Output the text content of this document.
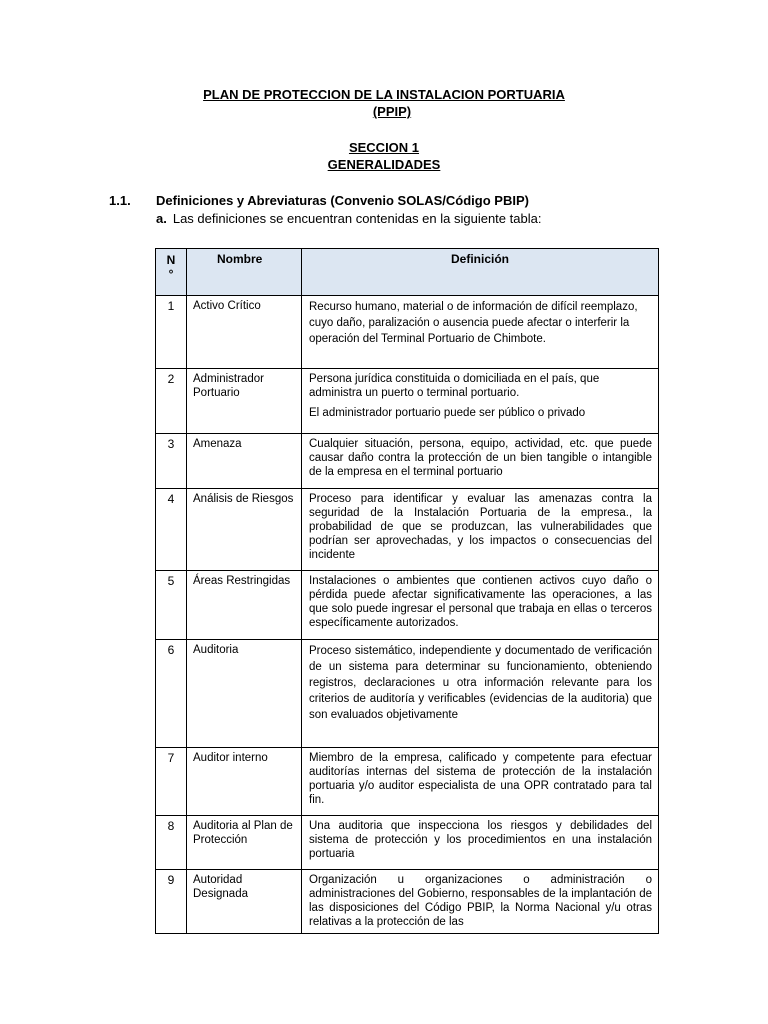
PLAN DE PROTECCION DE LA INSTALACION PORTUARIA
(PPIP)
SECCION 1
GENERALIDADES
1.1. Definiciones y Abreviaturas (Convenio SOLAS/Código PBIP)
a. Las definiciones se encuentran contenidas en la siguiente tabla:
N
°	Nombre	Definición
1	Activo Crítico	Recurso humano, material o de información de difícil reemplazo, cuyo daño, paralización o ausencia puede afectar o interferir la operación del Terminal Portuario de Chimbote.

2	Administrador Portuario	Persona jurídica constituida o domiciliada en el país, que administra un puerto o terminal portuario.

El administrador portuario puede ser público o privado

3	Amenaza	Cualquier situación, persona, equipo, actividad, etc. que puede causar daño contra la protección de un bien tangible o intangible de la empresa en el terminal portuario

4	Análisis de Riesgos	Proceso para identificar y evaluar las amenazas contra la seguridad de la Instalación Portuaria de la empresa., la probabilidad de que se produzcan, las vulnerabilidades que podrían ser aprovechadas, y los impactos o consecuencias del incidente

5	Áreas Restringidas	Instalaciones o ambientes que contienen activos cuyo daño o pérdida puede afectar significativamente las operaciones, a las que solo puede ingresar el personal que trabaja en ellas o terceros específicamente autorizados.

6	Auditoria	Proceso sistemático, independiente y documentado de verificación de un sistema para determinar su funcionamiento, obteniendo registros, declaraciones u otra información relevante para los criterios de auditoría y verificables (evidencias de la auditoria) que son evaluados objetivamente

7	Auditor interno	Miembro de la empresa, calificado y competente para efectuar auditorías internas del sistema de protección de la instalación portuaria y/o auditor especialista de una OPR contratado para tal fin.

8	Auditoria al Plan de Protección	Una auditoria que inspecciona los riesgos y debilidades del sistema de protección y los procedimientos en una instalación portuaria

9	Autoridad Designada	Organización u organizaciones o administración o administraciones del Gobierno, responsables de la implantación de las disposiciones del Código PBIP, la Norma Nacional y/u otras relativas a la protección de las
